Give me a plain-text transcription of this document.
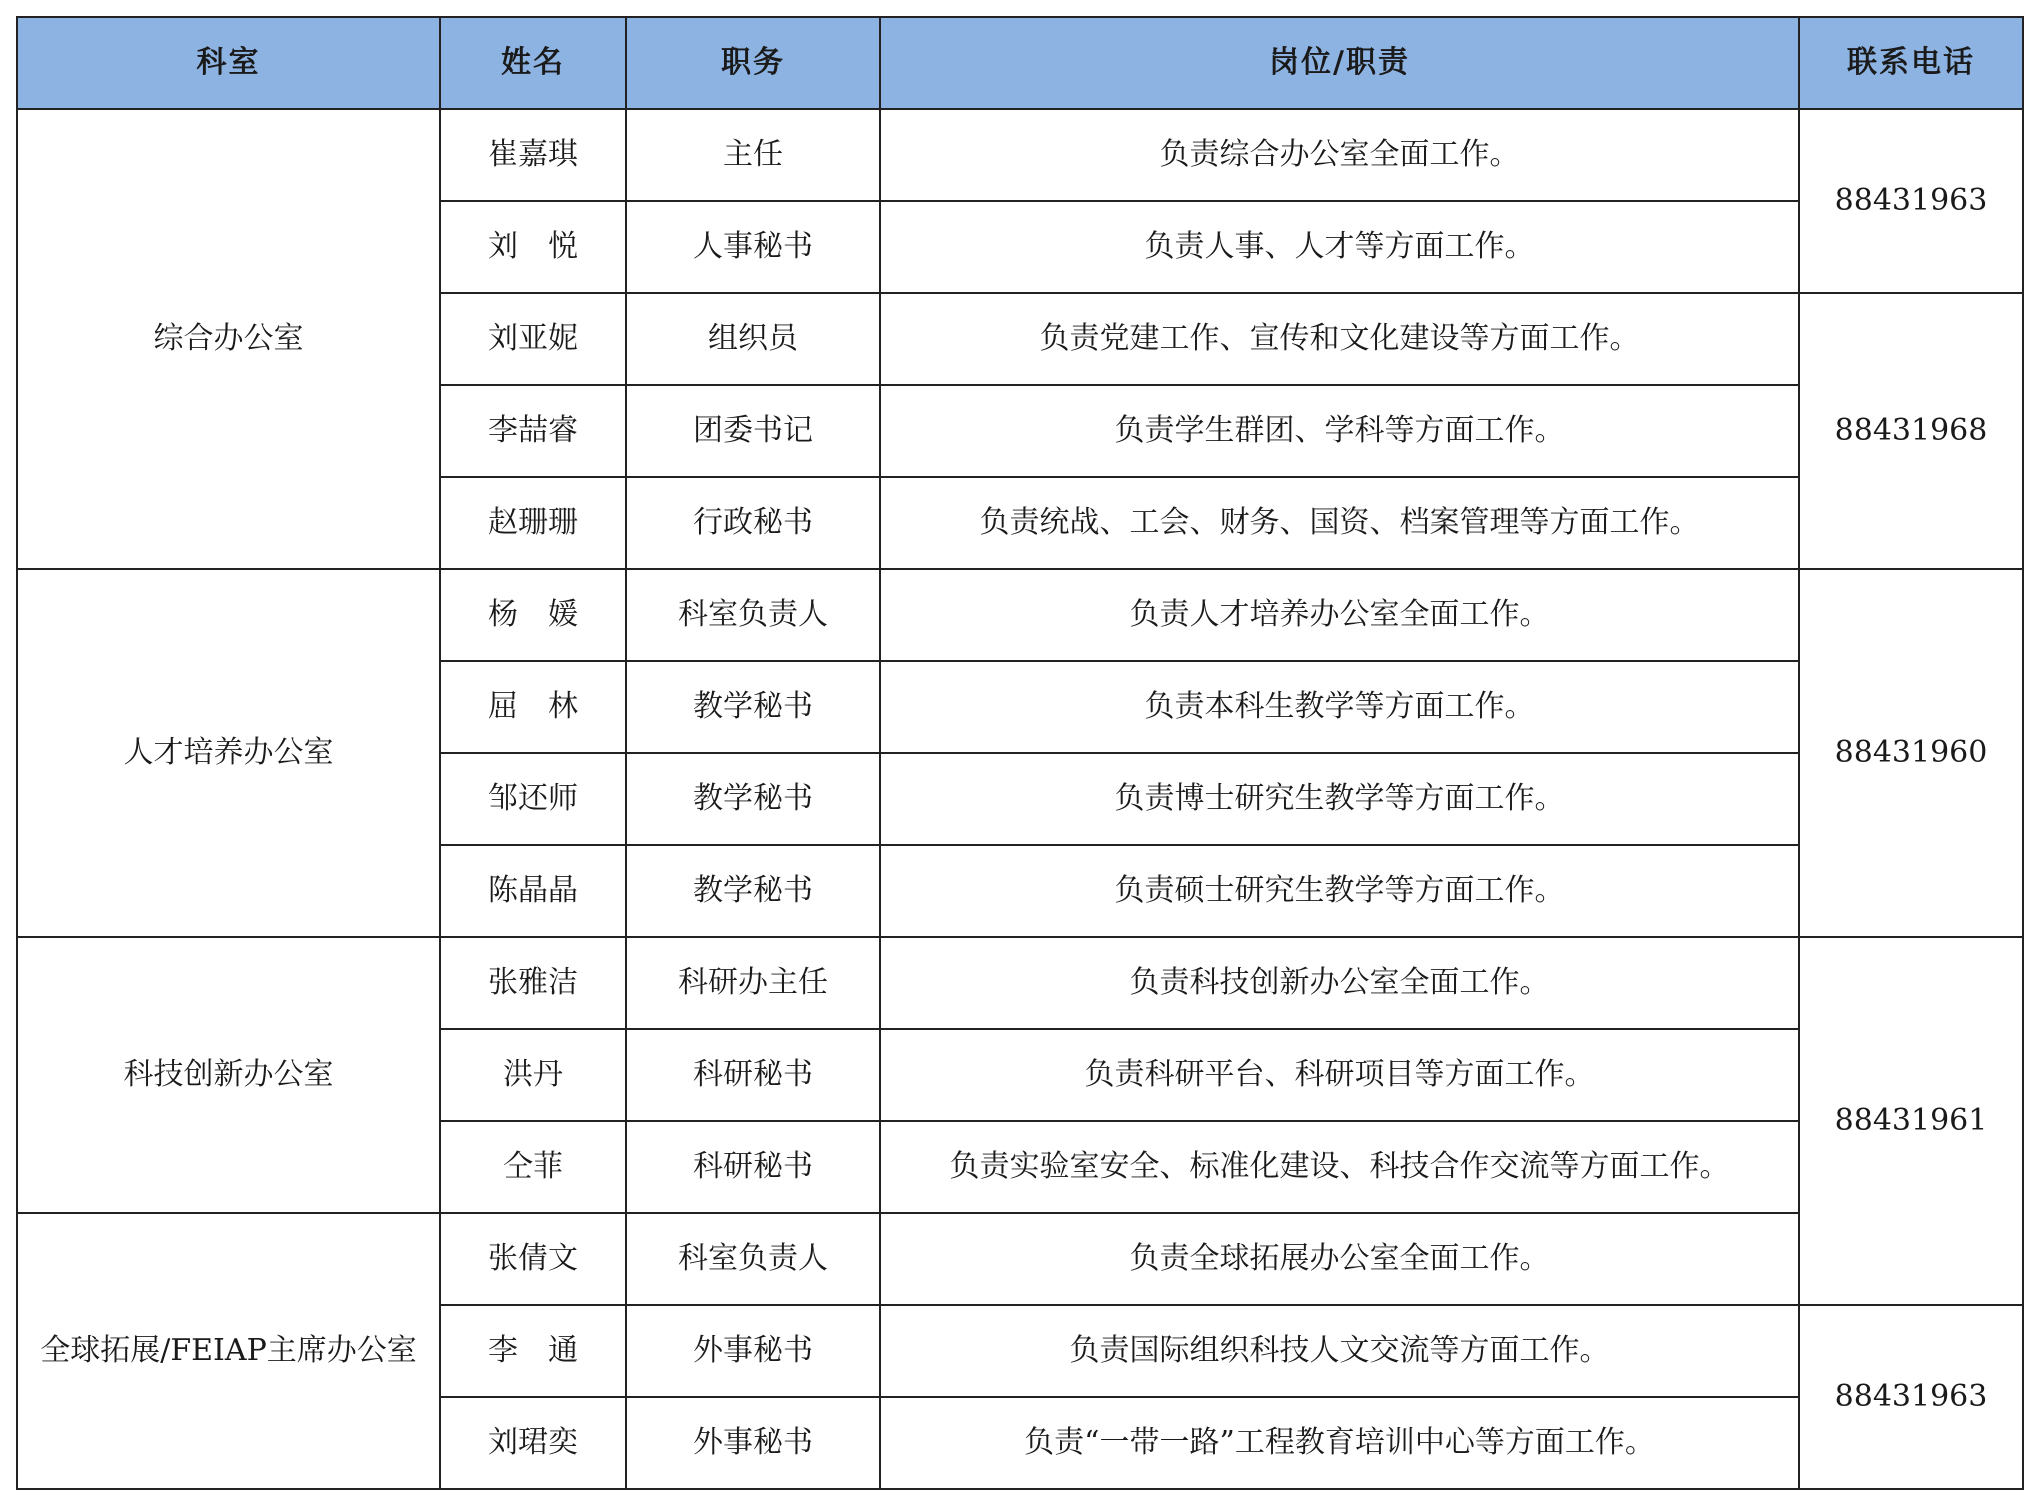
科室	姓名	职务	岗位/职责	联系电话
综合办公室	崔嘉琪	主任	负责综合办公室全面工作。	88431963
	刘　悦	人事秘书	负责人事、人才等方面工作。	
	刘亚妮	组织员	负责党建工作、宣传和文化建设等方面工作。	88431968
	李喆睿	团委书记	负责学生群团、学科等方面工作。	
	赵珊珊	行政秘书	负责统战、工会、财务、国资、档案管理等方面工作。	
人才培养办公室	杨　媛	科室负责人	负责人才培养办公室全面工作。	88431960
	屈　林	教学秘书	负责本科生教学等方面工作。	
	邹还师	教学秘书	负责博士研究生教学等方面工作。	
	陈晶晶	教学秘书	负责硕士研究生教学等方面工作。	
科技创新办公室	张雅洁	科研办主任	负责科技创新办公室全面工作。	88431961
	洪丹	科研秘书	负责科研平台、科研项目等方面工作。	
	仝菲	科研秘书	负责实验室安全、标准化建设、科技合作交流等方面工作。	
全球拓展/FEIAP主席办公室	张倩文	科室负责人	负责全球拓展办公室全面工作。	
	李　通	外事秘书	负责国际组织科技人文交流等方面工作。	88431963
	刘珺奕	外事秘书	负责“一带一路”工程教育培训中心等方面工作。	
